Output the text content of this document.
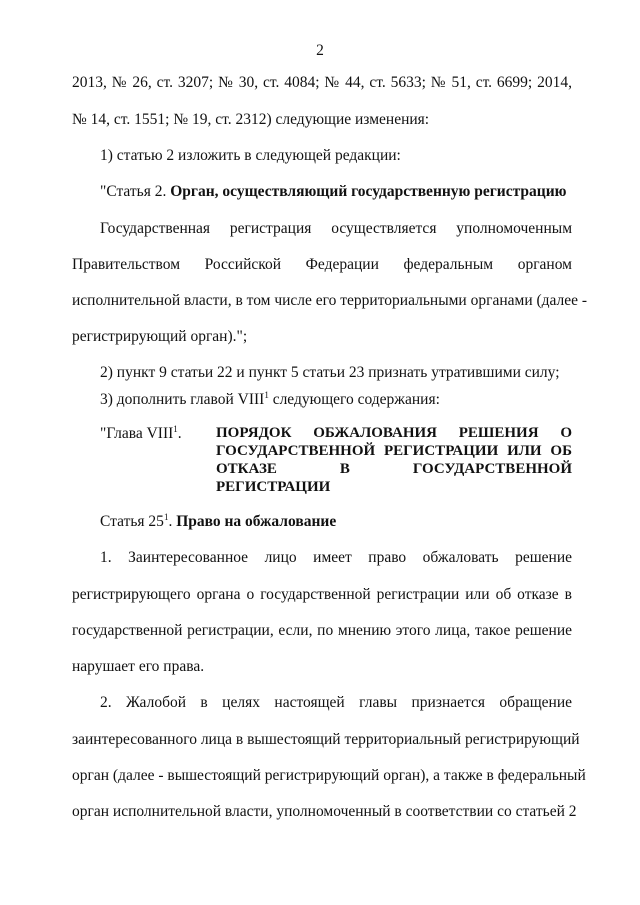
2
2013, № 26, ст. 3207; № 30, ст. 4084; № 44, ст. 5633; № 51, ст. 6699; 2014,
№ 14, ст. 1551; № 19, ст. 2312) следующие изменения:
1) статью 2 изложить в следующей редакции:
"Статья 2. Орган, осуществляющий государственную регистрацию
Государственная регистрация осуществляется уполномоченным
Правительством Российской Федерации федеральным органом
исполнительной власти, в том числе его территориальными органами (далее -
регистрирующий орган).";
2) пункт 9 статьи 22 и пункт 5 статьи 23 признать утратившими силу;
3) дополнить главой VIII$^1$ следующего содержания:
"Глава VIII$^1$. ПОРЯДОК ОБЖАЛОВАНИЯ РЕШЕНИЯ О
ГОСУДАРСТВЕННОЙ РЕГИСТРАЦИИ ИЛИ ОБ
ОТКАЗЕ В ГОСУДАРСТВЕННОЙ
РЕГИСТРАЦИИ
Статья $25^1$. Право на обжалование
1. Заинтересованное лицо имеет право обжаловать решение
регистрирующего органа о государственной регистрации или об отказе в
государственной регистрации, если, по мнению этого лица, такое решение
нарушает его права.
2. Жалобой в целях настоящей главы признается обращение
заинтересованного лица в вышестоящий территориальный регистрирующий
орган (далее - вышестоящий регистрирующий орган), а также в федеральный
орган исполнительной власти, уполномоченный в соответствии со статьей 2
